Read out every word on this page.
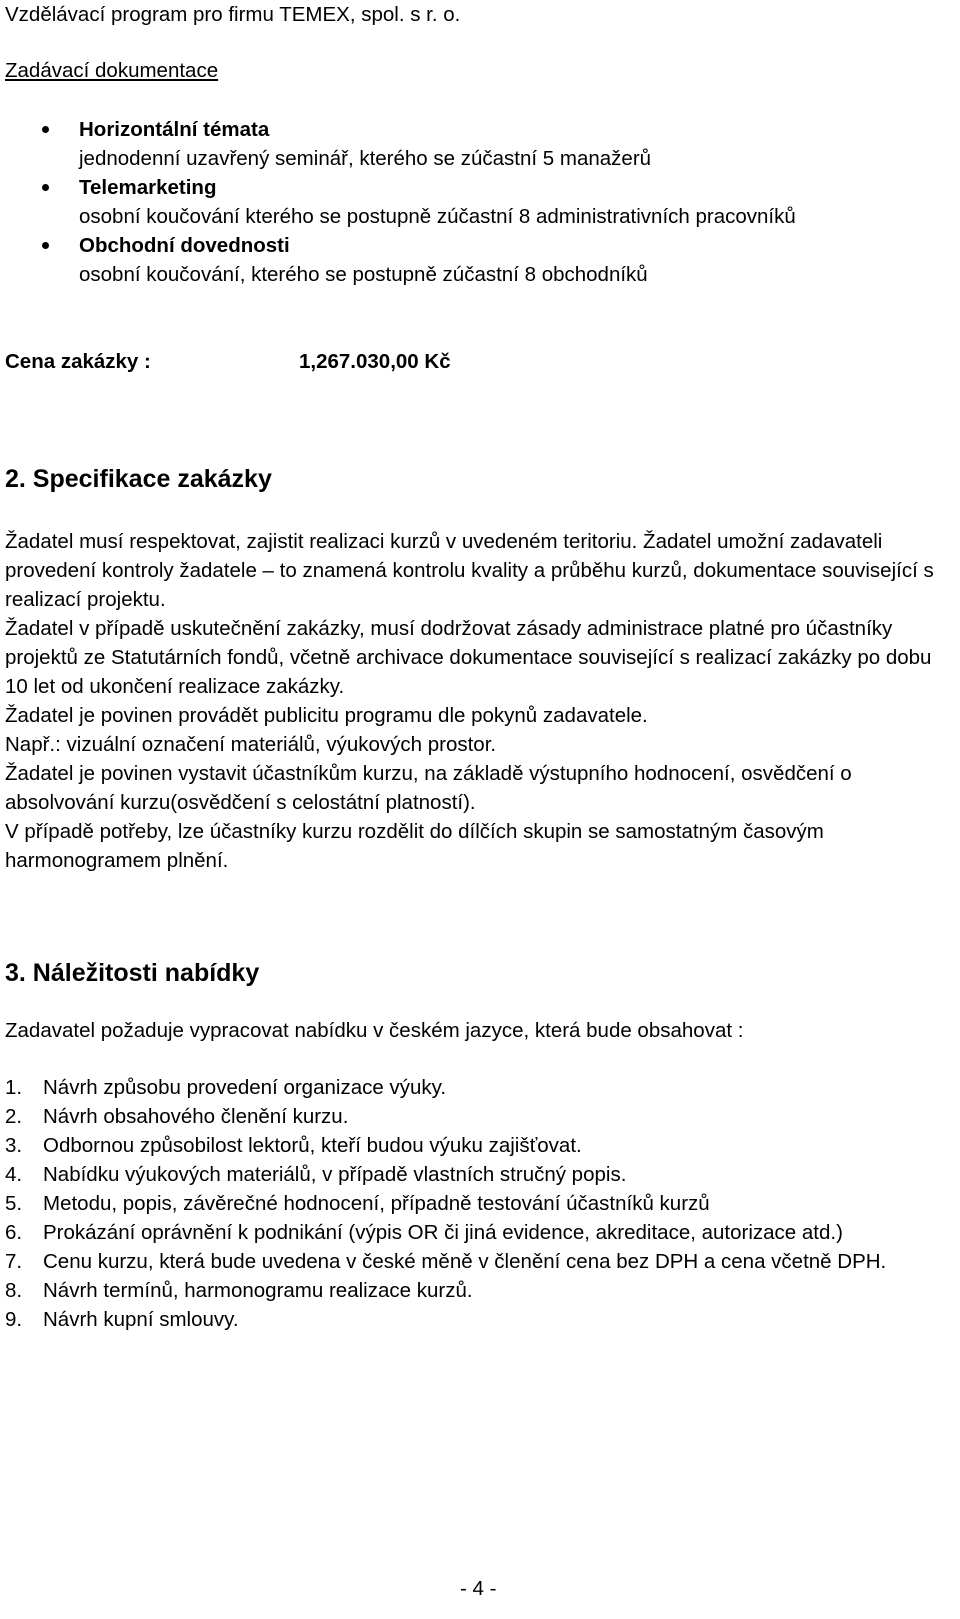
Vzdělávací program pro firmu TEMEX, spol. s r. o.
Zadávací dokumentace
Horizontální témata
jednodenní uzavřený seminář, kterého se zúčastní 5 manažerů
Telemarketing
osobní koučování kterého se postupně zúčastní 8 administrativních pracovníků
Obchodní dovednosti
osobní koučování, kterého se postupně zúčastní 8 obchodníků
Cena zakázky :	1,267.030,00 Kč
2. Specifikace zakázky

Žadatel musí respektovat, zajistit realizaci kurzů v uvedeném teritoriu. Žadatel umožní zadavateli provedení kontroly žadatele – to znamená kontrolu kvality a průběhu kurzů, dokumentace související s realizací projektu.

Žadatel v případě uskutečnění zakázky, musí dodržovat zásady administrace platné pro účastníky projektů ze Statutárních fondů, včetně archivace dokumentace související s realizací zakázky po dobu 10 let od ukončení realizace zakázky.

Žadatel je povinen provádět publicitu programu dle pokynů zadavatele.

Např.: vizuální označení materiálů, výukových prostor.

Žadatel je povinen vystavit účastníkům kurzu, na základě výstupního hodnocení, osvědčení o absolvování kurzu(osvědčení s celostátní platností).

V případě potřeby, lze účastníky kurzu rozdělit do dílčích skupin se samostatným časovým harmonogramem plnění.

3. Náležitosti nabídky
Zadavatel požaduje vypracovat nabídku v českém jazyce, která bude obsahovat :
1. Návrh způsobu provedení organizace výuky.
2. Návrh obsahového členění kurzu.
3. Odbornou způsobilost lektorů, kteří budou výuku zajišťovat.
4. Nabídku výukových materiálů, v případě vlastních stručný popis.
5. Metodu, popis, závěrečné hodnocení, případně testování účastníků kurzů
6. Prokázání oprávnění k podnikání (výpis OR či jiná evidence, akreditace, autorizace atd.)
7. Cenu kurzu, která bude uvedena v české měně v členění cena bez DPH a cena včetně DPH.
8. Návrh termínů, harmonogramu realizace kurzů.
9. Návrh kupní smlouvy.
- 4 -
